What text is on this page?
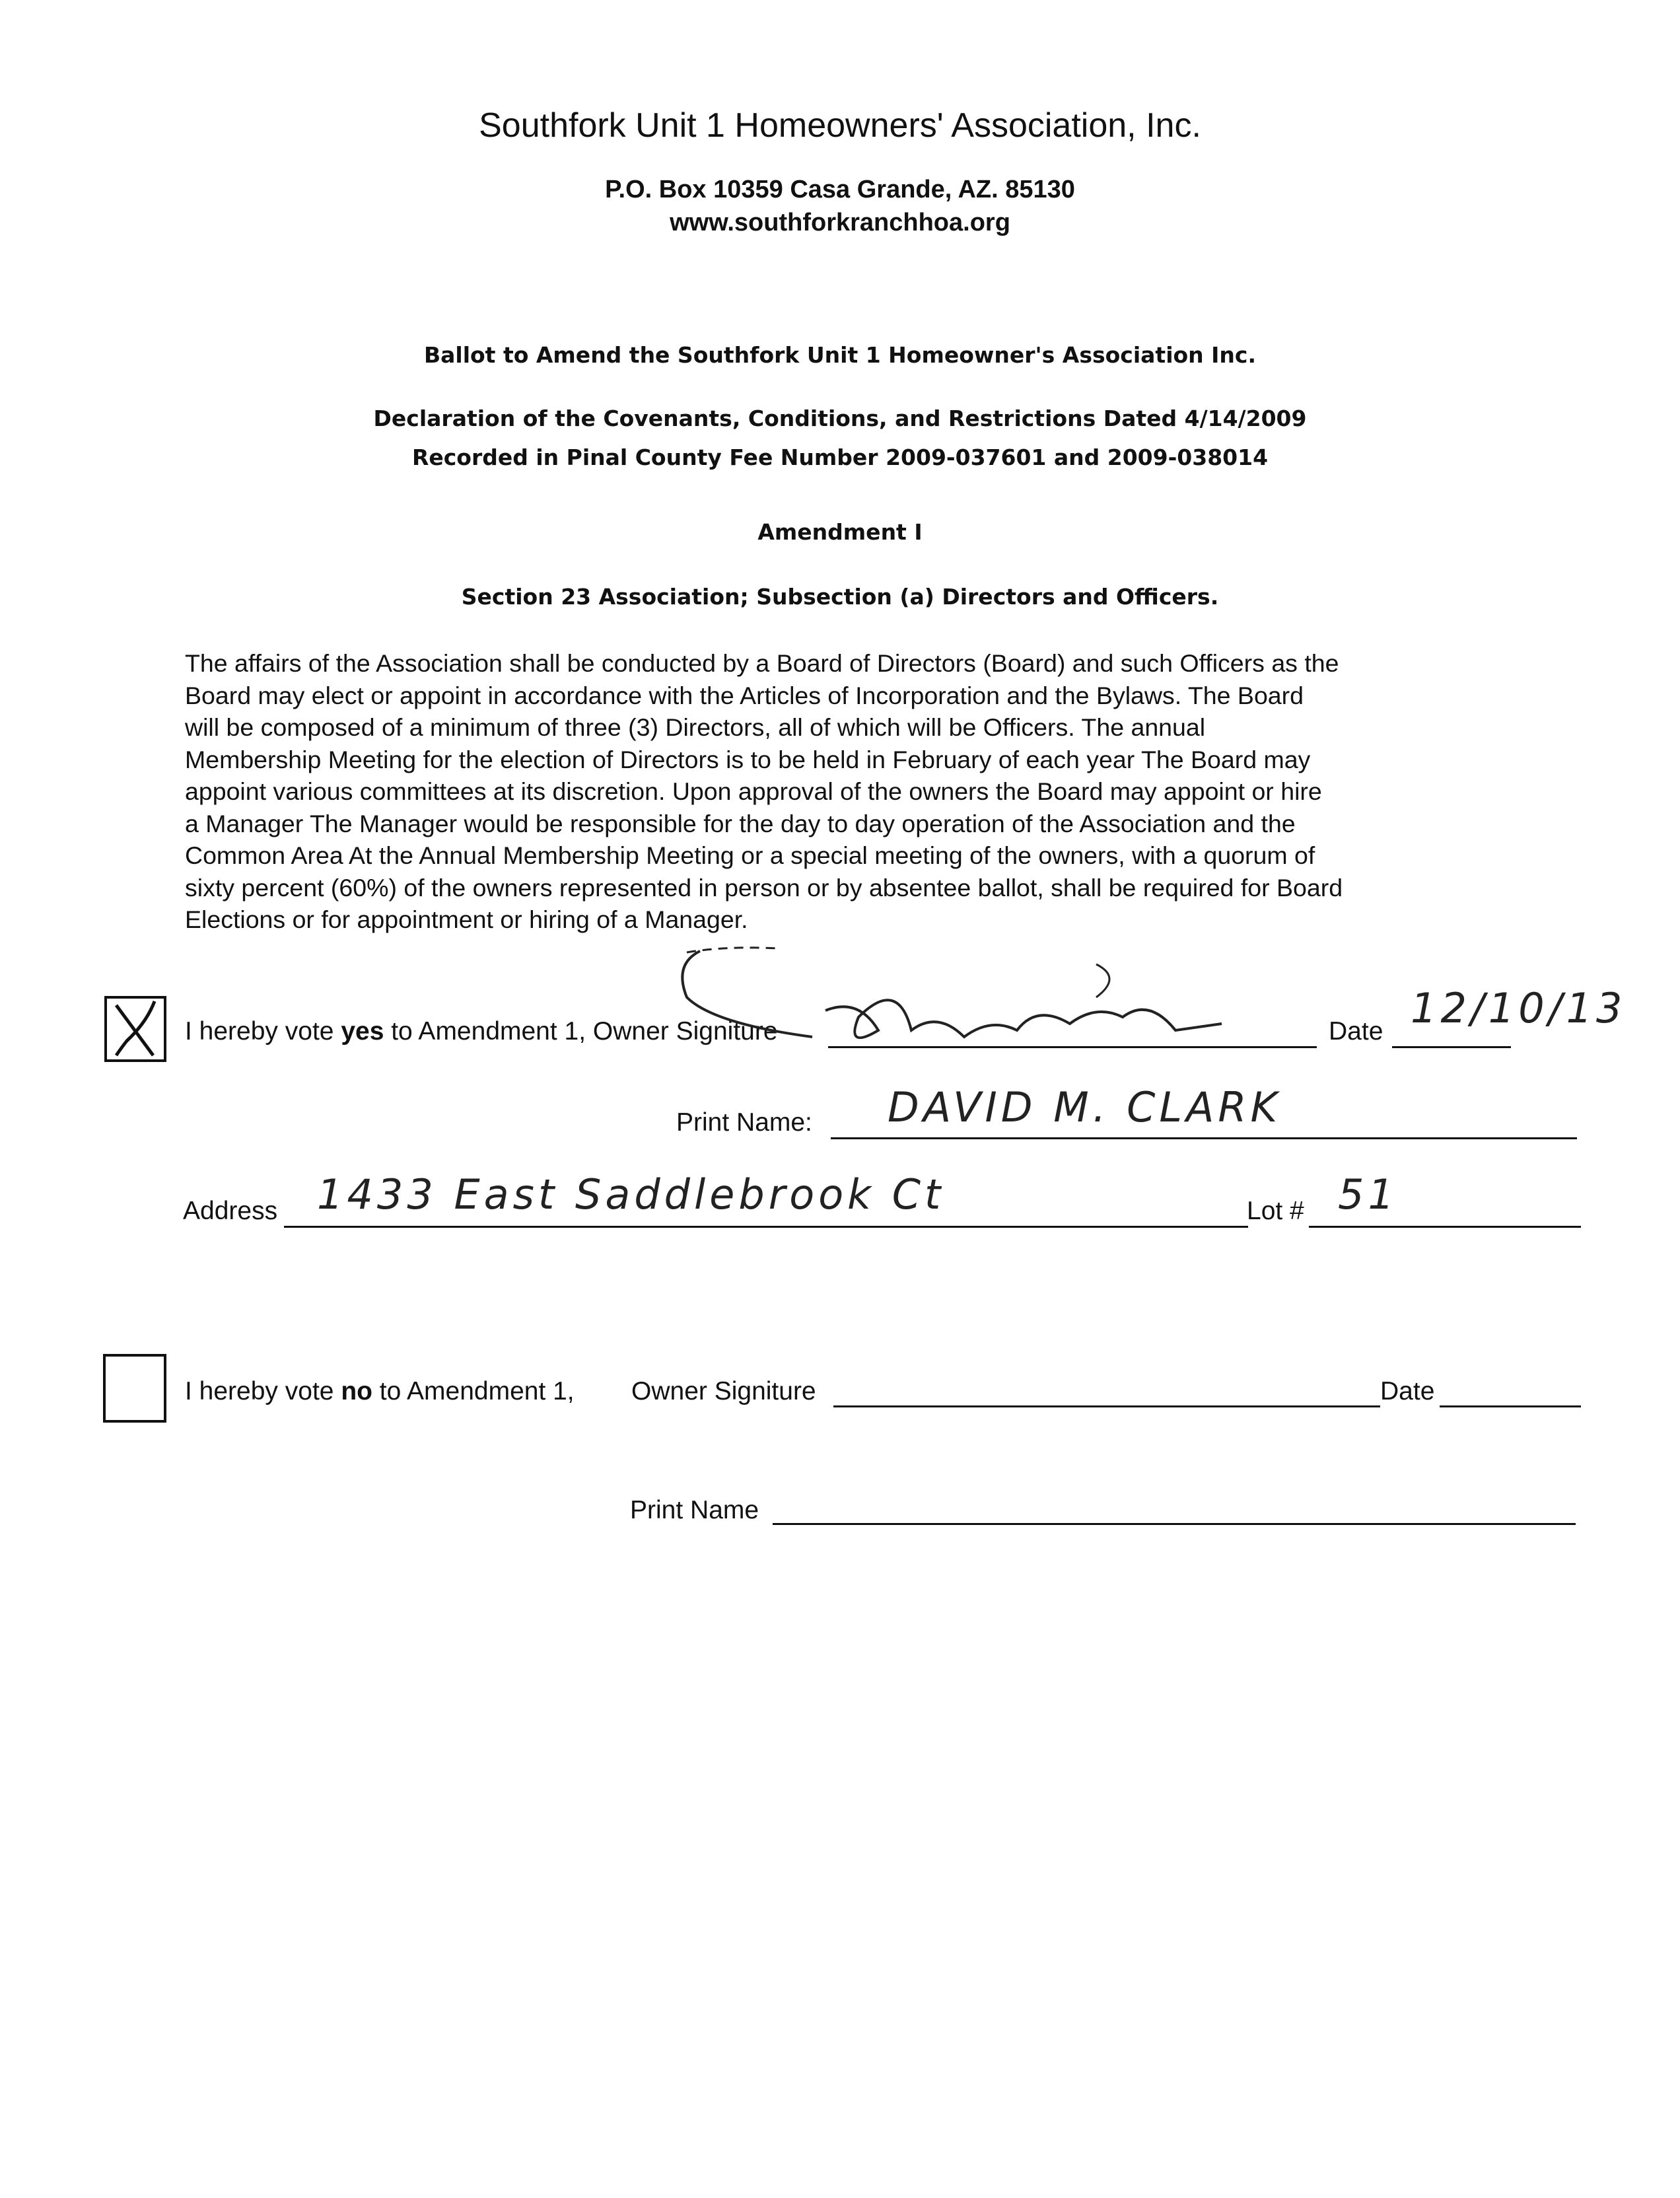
Southfork Unit 1 Homeowners' Association, Inc.
P.O. Box 10359 Casa Grande, AZ. 85130
www.southforkranchhoa.org
Ballot to Amend the Southfork Unit 1 Homeowner's Association Inc.
Declaration of the Covenants, Conditions, and Restrictions Dated 4/14/2009
Recorded in Pinal County Fee Number 2009-037601 and 2009-038014
Amendment I
Section 23 Association; Subsection (a) Directors and Officers.

The affairs of the Association shall be conducted by a Board of Directors (Board) and such Officers as the

Board may elect or appoint in accordance with the Articles of Incorporation and the Bylaws. The Board

will be composed of a minimum of three (3) Directors, all of which will be Officers. The annual

Membership Meeting for the election of Directors is to be held in February of each year The Board may

appoint various committees at its discretion. Upon approval of the owners the Board may appoint or hire

a Manager The Manager would be responsible for the day to day operation of the Association and the

Common Area At the Annual Membership Meeting or a special meeting of the owners, with a quorum of

sixty percent (60%) of the owners represented in person or by absentee ballot, shall be required for Board

Elections or for appointment or hiring of a Manager.

I hereby vote yes to Amendment 1, Owner Signiture	Date 12/10/13
Print Name: DAVID M. CLARK
Address 1433 East Saddlebrook Ct	Lot # 51
I hereby vote no to Amendment 1, Owner Signiture	Date
Print Name
